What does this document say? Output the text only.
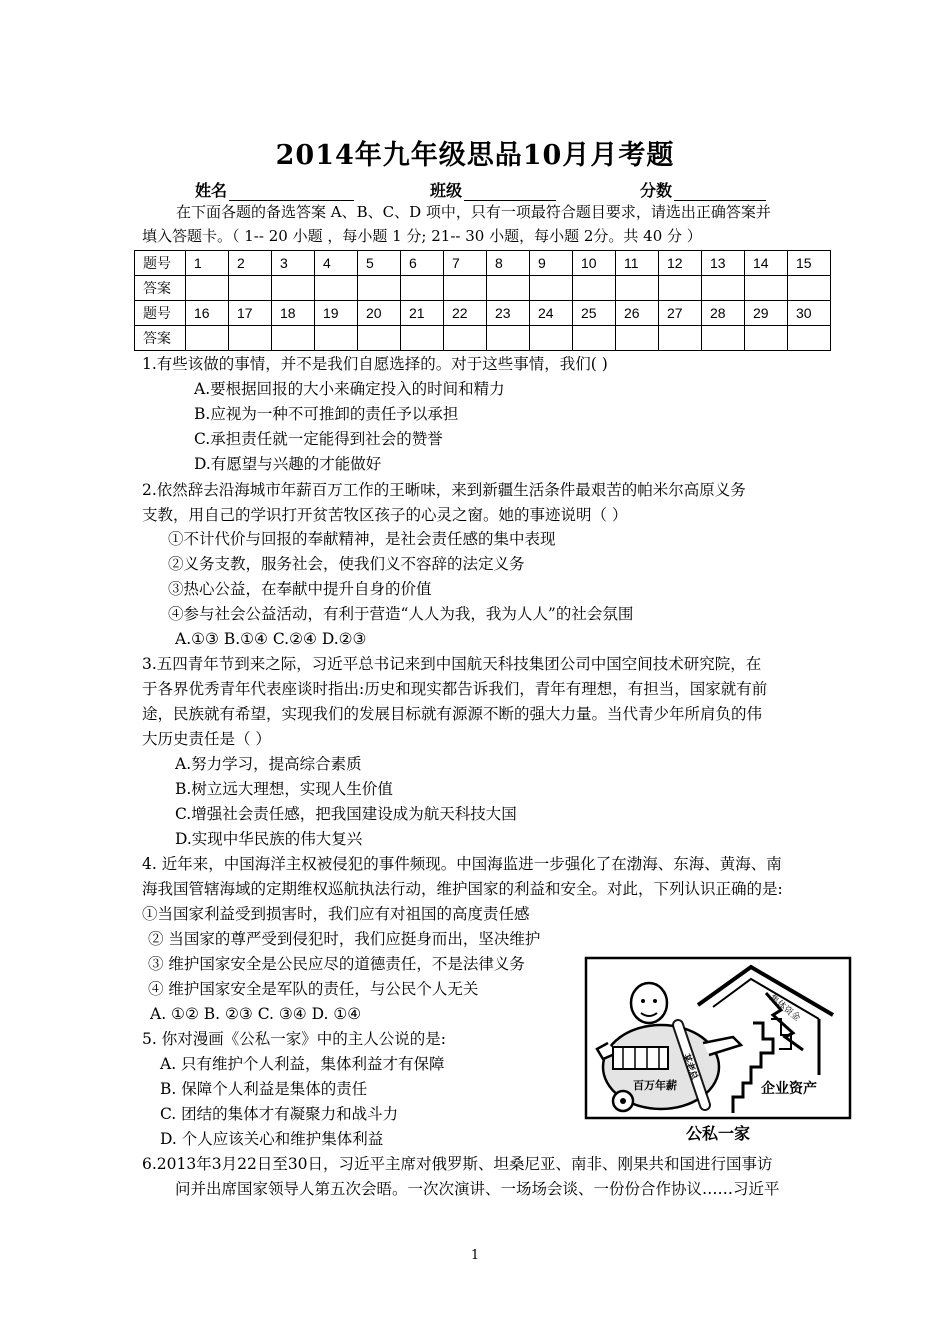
2014年九年级思品10月月考题
姓名	班级	分数
在下面各题的备选答案 A、B、C、D 项中，只有一项最符合题目要求，请选出正确答案并
填入答题卡。（ 1-- 20 小题 ，每小题 1 分; 21-- 30 小题，每小题 2分。共 40 分 ）
题号	1	2	3	4	5	6	7	8	9	10	11	12	13	14	15
答案															
题号	16	17	18	19	20	21	22	23	24	25	26	27	28	29	30
答案															
1.有些该做的事情，并不是我们自愿选择的。对于这些事情，我们( )
A.要根据回报的大小来确定投入的时间和精力
B.应视为一种不可推卸的责任予以承担
C.承担责任就一定能得到社会的赞誉
D.有愿望与兴趣的才能做好
2.依然辞去沿海城市年薪百万工作的王晰味，来到新疆生活条件最艰苦的帕米尔高原义务
支教，用自己的学识打开贫苦牧区孩子的心灵之窗。她的事迹说明（ ）
①不计代价与回报的奉献精神，是社会责任感的集中表现
②义务支教，服务社会，使我们义不容辞的法定义务
③热心公益，在奉献中提升自身的价值
④参与社会公益活动，有利于营造“人人为我，我为人人”的社会氛围
A.①③ B.①④ C.②④ D.②③
3.五四青年节到来之际，习近平总书记来到中国航天科技集团公司中国空间技术研究院，在
于各界优秀青年代表座谈时指出:历史和现实都告诉我们，青年有理想，有担当，国家就有前
途，民族就有希望，实现我们的发展目标就有源源不断的强大力量。当代青少年所肩负的伟
大历史责任是（ ）
A.努力学习，提高综合素质
B.树立远大理想，实现人生价值
C.增强社会责任感，把我国建设成为航天科技大国
D.实现中华民族的伟大复兴
4. 近年来，中国海洋主权被侵犯的事件频现。中国海监进一步强化了在渤海、东海、黄海、南
海我国管辖海域的定期维权巡航执法行动，维护国家的利益和安全。对此，下列认识正确的是:
①当国家利益受到损害时，我们应有对祖国的高度责任感
② 当国家的尊严受到侵犯时，我们应挺身而出，坚决维护
③ 维护国家安全是公民应尽的道德责任，不是法律义务
④ 维护国家安全是军队的责任，与公民个人无关
A. ①② B. ②③ C. ③④ D. ①④
5. 你对漫画《公私一家》中的主人公说的是:
A. 只有维护个人利益，集体利益才有保障
B. 保障个人利益是集体的责任
C. 团结的集体才有凝聚力和战斗力
D. 个人应该关心和维护集体利益
6.2013年3月22日至30日，习近平主席对俄罗斯、坦桑尼亚、南非、刚果共和国进行国事访
问并出席国家领导人第五次会晤。一次次演讲、一场场会谈、一份份合作协议……习近平
集体资金
某老总
百万年薪	企业资产
公私一家
1
